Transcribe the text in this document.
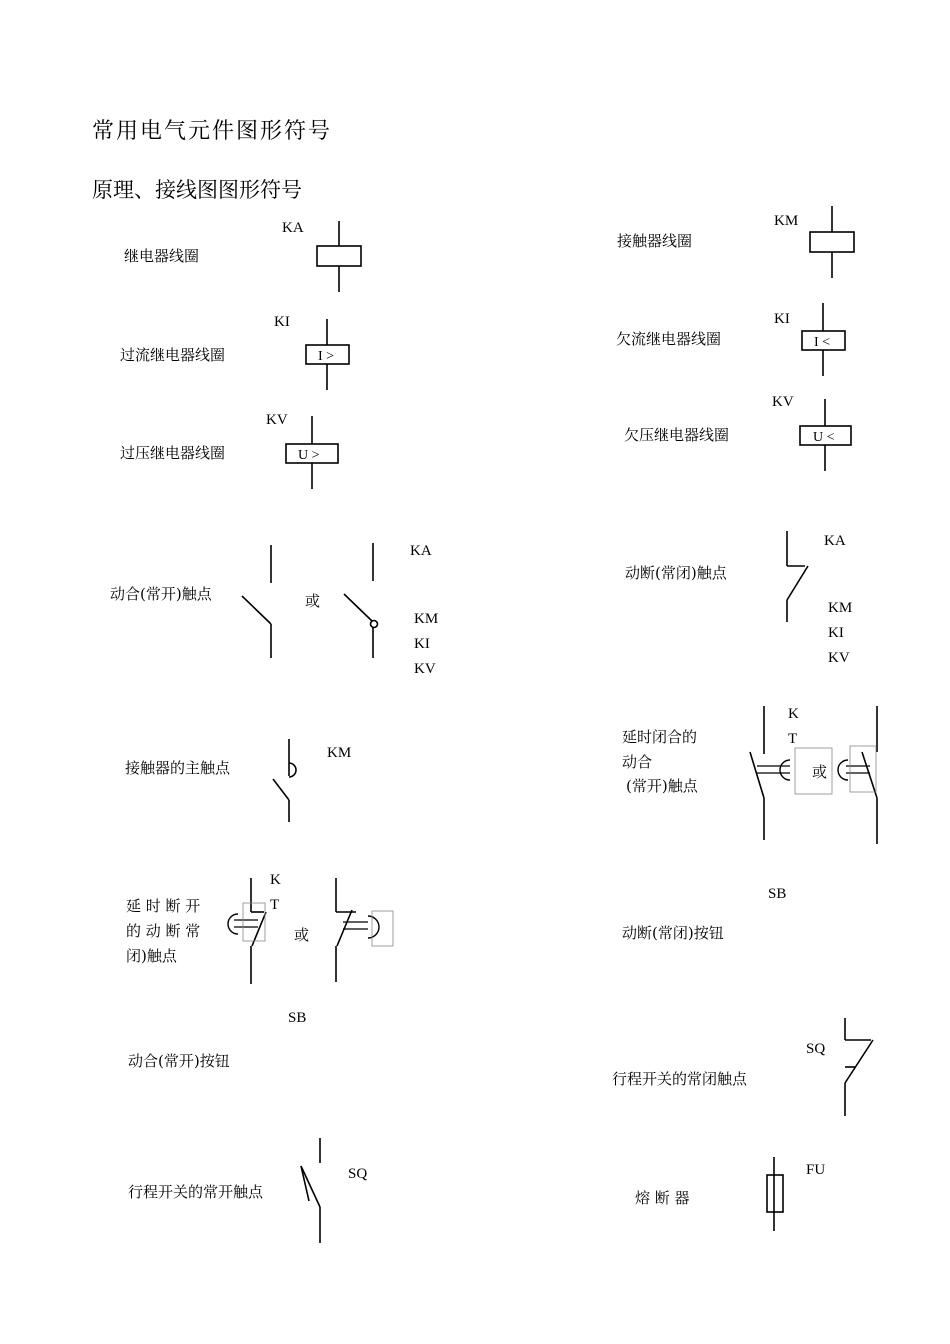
常用电气元件图形符号
原理、接线图图形符号
继电器线圈
KA
过流继电器线圈
KI
过压继电器线圈
KV
动合(常开)触点	或
KA
KM
KI
KV
接触器的主触点
KM
延 时 断 开
的 动 断 常
闭)触点
K
T
或
SB
动合(常开)按钮
行程开关的常开触点
SQ
接触器线圈
KM
欠流继电器线圈
KI
欠压继电器线圈
KV
动断(常闭)触点
KA
KM
KI
KV
延时闭合的
动合
(常开)触点
K
T
或
SB
动断(常闭)按钮
SQ
行程开关的常闭触点
FU
熔 断 器
I >
I <
U >
U <
